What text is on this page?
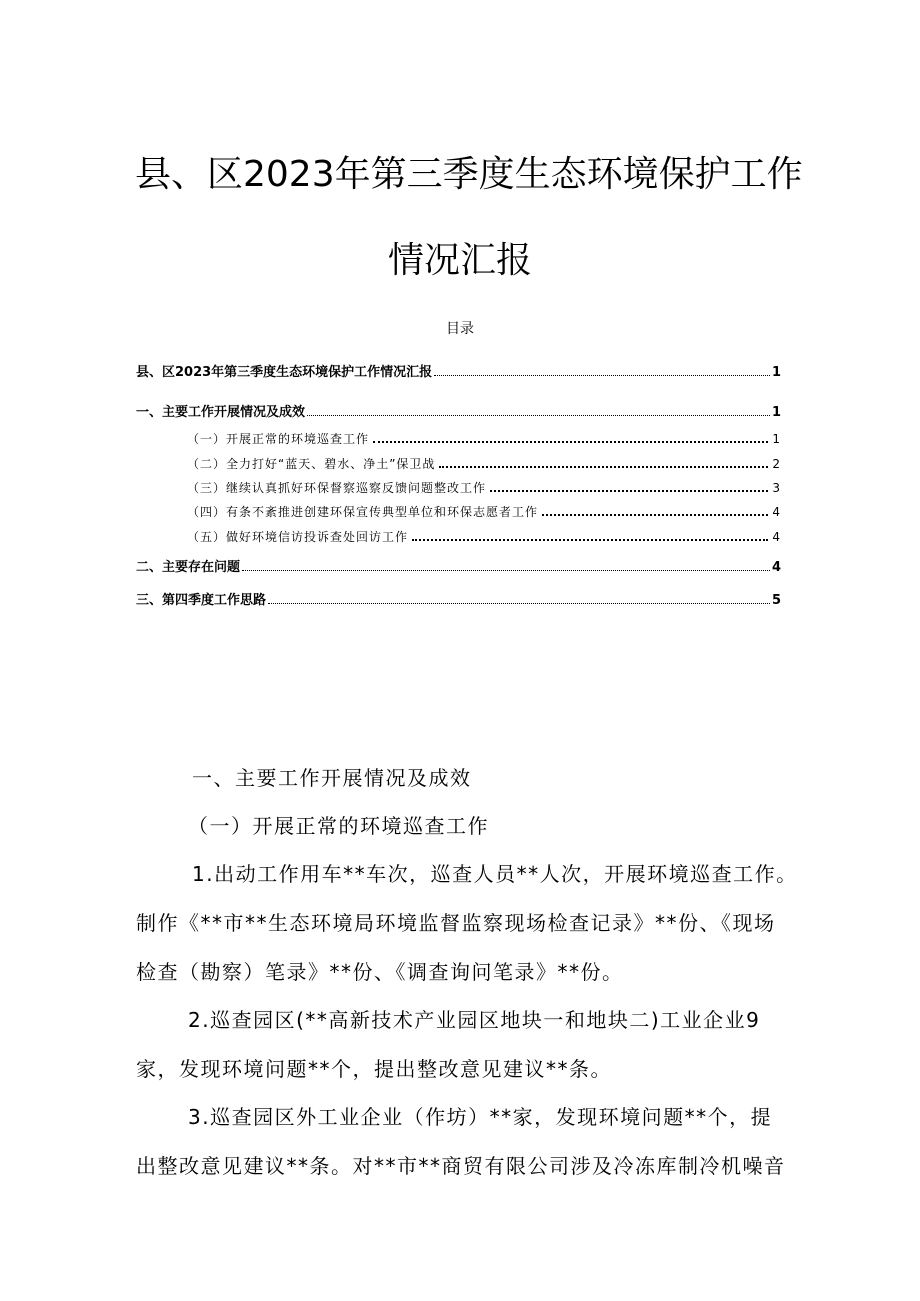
县、区2023年第三季度生态环境保护工作
情况汇报
目录
县、区2023年第三季度生态环境保护工作情况汇报	1
一、主要工作开展情况及成效	1
（一）开展正常的环境巡查工作	1
（二）全力打好“蓝天、碧水、净土”保卫战	2
（三）继续认真抓好环保督察巡察反馈问题整改工作	3
（四）有条不紊推进创建环保宣传典型单位和环保志愿者工作	4
（五）做好环境信访投诉查处回访工作	4
二、主要存在问题	4
三、第四季度工作思路	5
一、主要工作开展情况及成效
（一）开展正常的环境巡查工作
1.出动工作用车**车次，巡查人员**人次，开展环境巡查工作。
制作《**市**生态环境局环境监督监察现场检查记录》**份、《现场
检查（勘察）笔录》**份、《调查询问笔录》**份。
2.巡查园区(**高新技术产业园区地块一和地块二)工业企业9
家，发现环境问题**个，提出整改意见建议**条。
3.巡查园区外工业企业（作坊）**家，发现环境问题**个，提
出整改意见建议**条。对**市**商贸有限公司涉及冷冻库制冷机噪音
